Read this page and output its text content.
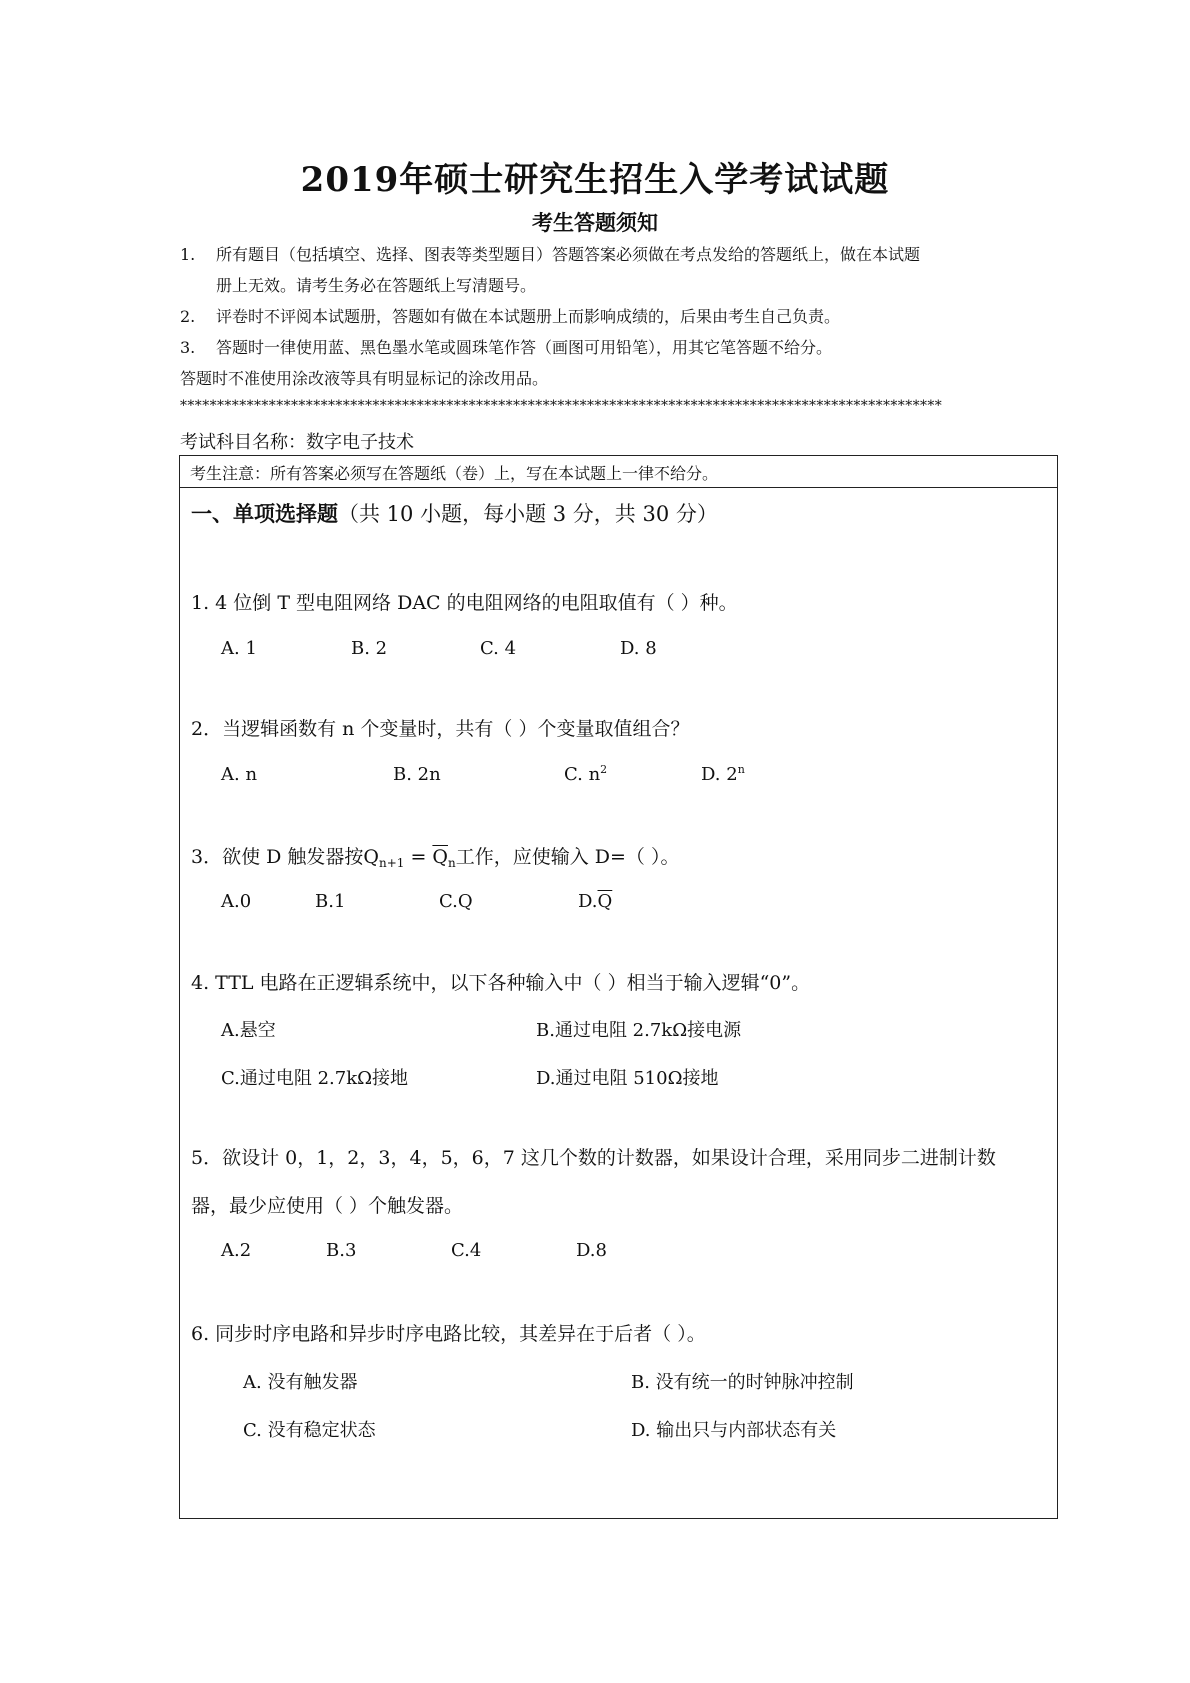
2019年硕士研究生招生入学考试试题
考生答题须知
1. 所有题目（包括填空、选择、图表等类型题目）答题答案必须做在考点发给的答题纸上，做在本试题
册上无效。请考生务必在答题纸上写清题号。
2. 评卷时不评阅本试题册，答题如有做在本试题册上而影响成绩的，后果由考生自己负责。
3. 答题时一律使用蓝、黑色墨水笔或圆珠笔作答（画图可用铅笔），用其它笔答题不给分。
答题时不准使用涂改液等具有明显标记的涂改用品。
*******************************************************************************************************
考试科目名称：数字电子技术
考生注意：所有答案必须写在答题纸（卷）上，写在本试题上一律不给分。
一、单项选择题（共 10 小题，每小题 3 分，共 30 分）
1. 4 位倒 T 型电阻网络 DAC 的电阻网络的电阻取值有（ ）种。
A. 1	B. 2	C. 4	D. 8
2．当逻辑函数有 n 个变量时，共有（ ）个变量取值组合？
A. n	B. 2n	C. $n^2$	D. 2$^n$
3．欲使 D 触发器按$Q_{n+1} = \overline{Q}_n$工作，应使输入 D=（ ）。
A.0	B.1	C.Q	$D.\overline{Q}$
4. TTL 电路在正逻辑系统中，以下各种输入中（ ）相当于输入逻辑“0”。
A.悬空	B.通过电阻 2.7kΩ接电源
C.通过电阻 2.7kΩ接地	D.通过电阻 510Ω接地
5．欲设计 0，1，2，3，4，5，6，7 这几个数的计数器，如果设计合理，采用同步二进制计数
器，最少应使用（ ）个触发器。
A.2	B.3	C.4	D.8
6. 同步时序电路和异步时序电路比较，其差异在于后者（ ）。
A. 没有触发器	B. 没有统一的时钟脉冲控制
C. 没有稳定状态	D. 输出只与内部状态有关
